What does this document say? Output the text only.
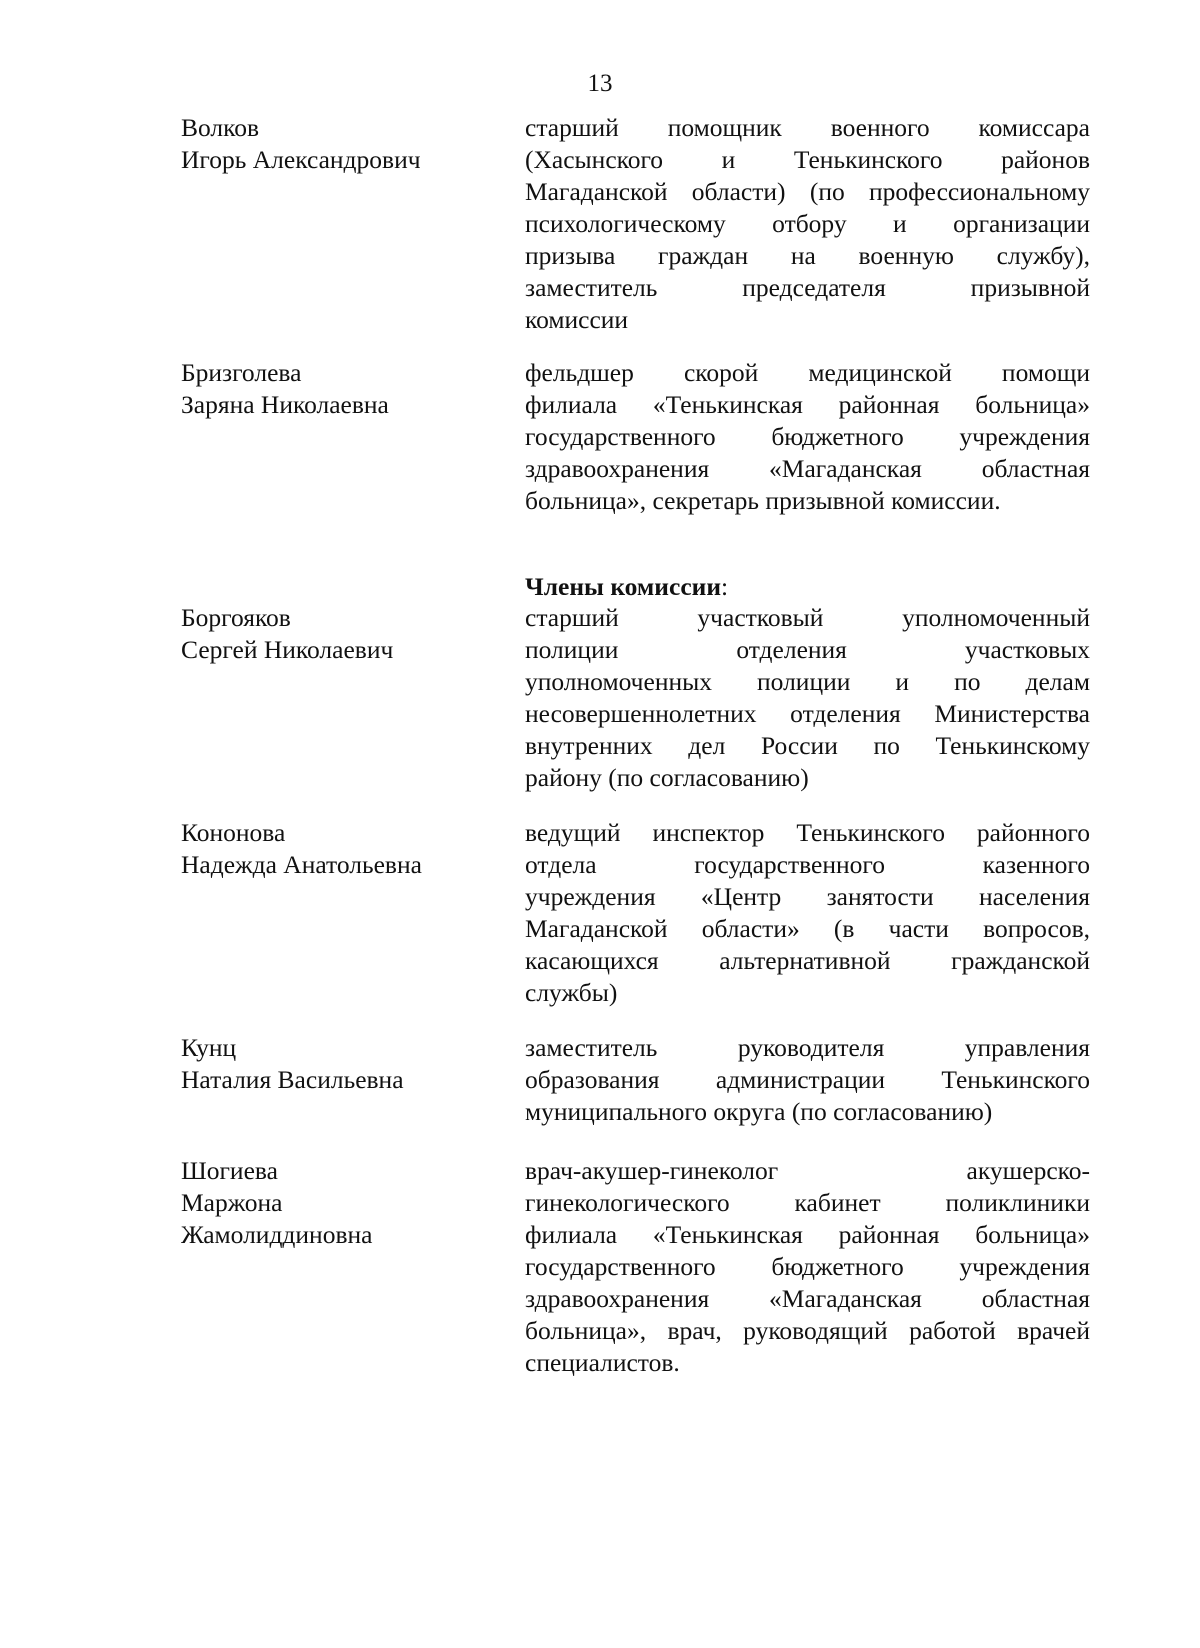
13
Волков
Игорь Александрович
старший помощник военного комиссара
(Хасынского и Тенькинского районов
Магаданской области) (по профессиональному
психологическому отбору и организации
призыва граждан на военную службу),
заместитель председателя призывной
комиссии
Бризголева
Заряна Николаевна
фельдшер скорой медицинской помощи
филиала «Тенькинская районная больница»
государственного бюджетного учреждения
здравоохранения «Магаданская областная
больница», секретарь призывной комиссии.
Члены комиссии:
Боргояков
Сергей Николаевич
старший участковый уполномоченный
полиции отделения участковых
уполномоченных полиции и по делам
несовершеннолетних отделения Министерства
внутренних дел России по Тенькинскому
району (по согласованию)
Кононова
Надежда Анатольевна
ведущий инспектор Тенькинского районного
отдела государственного казенного
учреждения «Центр занятости населения
Магаданской области» (в части вопросов,
касающихся альтернативной гражданской
службы)
Кунц
Наталия Васильевна
заместитель руководителя управления
образования администрации Тенькинского
муниципального округа (по согласованию)
Шогиева
Маржона
Жамолиддиновна
врач-акушер-гинеколог акушерско-
гинекологического кабинет поликлиники
филиала «Тенькинская районная больница»
государственного бюджетного учреждения
здравоохранения «Магаданская областная
больница», врач, руководящий работой врачей
специалистов.
